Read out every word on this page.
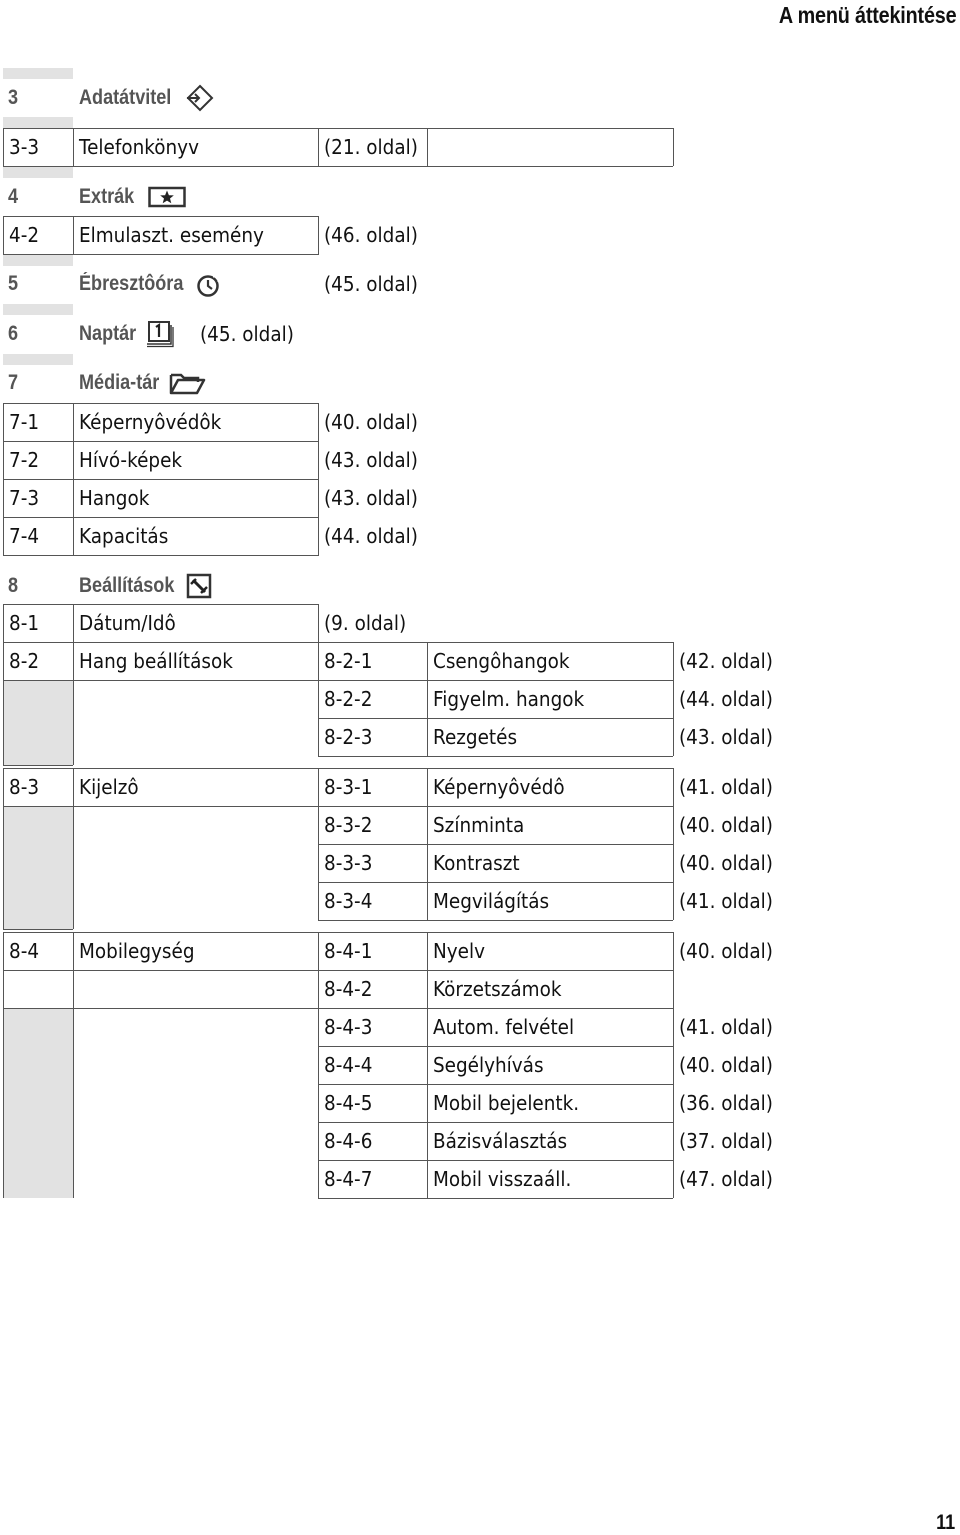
A menü áttekintése
3	Adatátvitel
3-3 Telefonkönyv	(21. oldal)
4	Extrák
4-2 Elmulaszt. esemény	(46. oldal)
5	Ébresztôóra	(45. oldal)
6	Naptár	(45. oldal)
7	Média-tár
7-1 Képernyôvédôk	(40. oldal)
7-2 Hívó-képek	(43. oldal)
7-3 Hangok	(43. oldal)
7-4 Kapacitás	(44. oldal)
8	Beállítások
8-1 Dátum/Idô	(9. oldal)
8-2 Hang beállítások	8-2-1	Csengôhangok	(42. oldal)
8-2-2	Figyelm. hangok	(44. oldal)
8-2-3	Rezgetés	(43. oldal)
8-3 Kijelzô	8-3-1	Képernyôvédô	(41. oldal)
8-3-2	Színminta	(40. oldal)
8-3-3	Kontraszt	(40. oldal)
8-3-4	Megvilágítás	(41. oldal)
8-4 Mobilegység	8-4-1	Nyelv	(40. oldal)
8-4-2	Körzetszámok
8-4-3	Autom. felvétel	(41. oldal)
8-4-4	Segélyhívás	(40. oldal)
8-4-5	Mobil bejelentk.	(36. oldal)
8-4-6	Bázisválasztás	(37. oldal)
8-4-7	Mobil visszaáll.	(47. oldal)
11
